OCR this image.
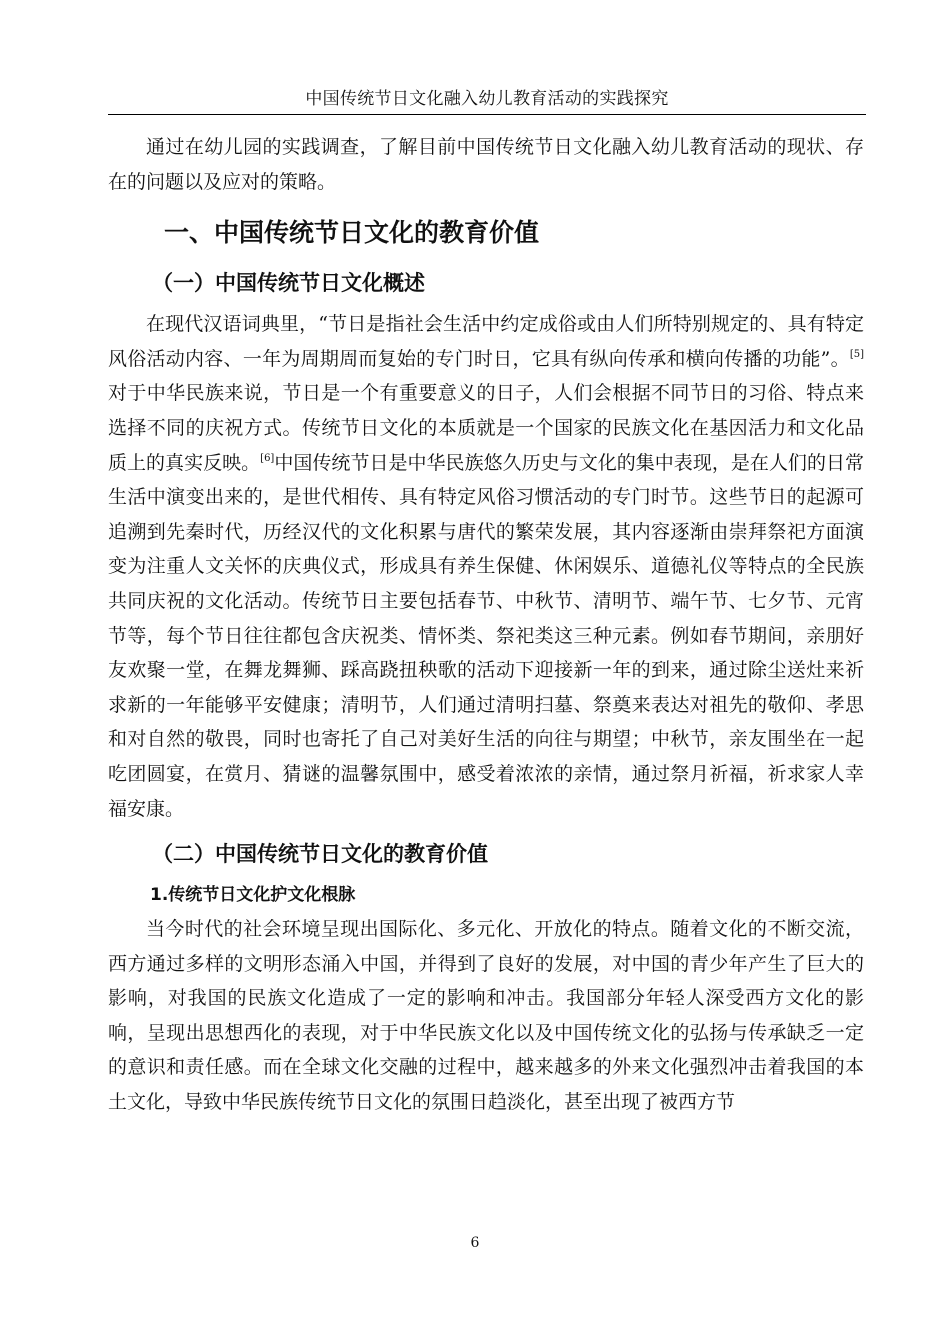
中国传统节日文化融入幼儿教育活动的实践探究

通过在幼儿园的实践调查，了解目前中国传统节日文化融入幼儿教育活动的现状、存在的问题以及应对的策略。

一、中国传统节日文化的教育价值
（一）中国传统节日文化概述

在现代汉语词典里，“节日是指社会生活中约定成俗或由人们所特别规定的、具有特定风俗活动内容、一年为周期周而复始的专门时日，它具有纵向传承和横向传播的功能”。[5]对于中华民族来说，节日是一个有重要意义的日子，人们会根据不同节日的习俗、特点来选择不同的庆祝方式。传统节日文化的本质就是一个国家的民族文化在基因活力和文化品质上的真实反映。[6]中国传统节日是中华民族悠久历史与文化的集中表现，是在人们的日常生活中演变出来的，是世代相传、具有特定风俗习惯活动的专门时节。这些节日的起源可追溯到先秦时代，历经汉代的文化积累与唐代的繁荣发展，其内容逐渐由崇拜祭祀方面演变为注重人文关怀的庆典仪式，形成具有养生保健、休闲娱乐、道德礼仪等特点的全民族共同庆祝的文化活动。传统节日主要包括春节、中秋节、清明节、端午节、七夕节、元宵节等，每个节日往往都包含庆祝类、情怀类、祭祀类这三种元素。例如春节期间，亲朋好友欢聚一堂，在舞龙舞狮、踩高跷扭秧歌的活动下迎接新一年的到来，通过除尘送灶来祈求新的一年能够平安健康；清明节，人们通过清明扫墓、祭奠来表达对祖先的敬仰、孝思和对自然的敬畏，同时也寄托了自己对美好生活的向往与期望；中秋节，亲友围坐在一起吃团圆宴，在赏月、猜谜的温馨氛围中，感受着浓浓的亲情，通过祭月祈福，祈求家人幸福安康。

（二）中国传统节日文化的教育价值
1.传统节日文化护文化根脉

当今时代的社会环境呈现出国际化、多元化、开放化的特点。随着文化的不断交流，西方通过多样的文明形态涌入中国，并得到了良好的发展，对中国的青少年产生了巨大的影响，对我国的民族文化造成了一定的影响和冲击。我国部分年轻人深受西方文化的影响，呈现出思想西化的表现，对于中华民族文化以及中国传统文化的弘扬与传承缺乏一定的意识和责任感。而在全球文化交融的过程中，越来越多的外来文化强烈冲击着我国的本土文化，导致中华民族传统节日文化的氛围日趋淡化，甚至出现了被西方节

6
